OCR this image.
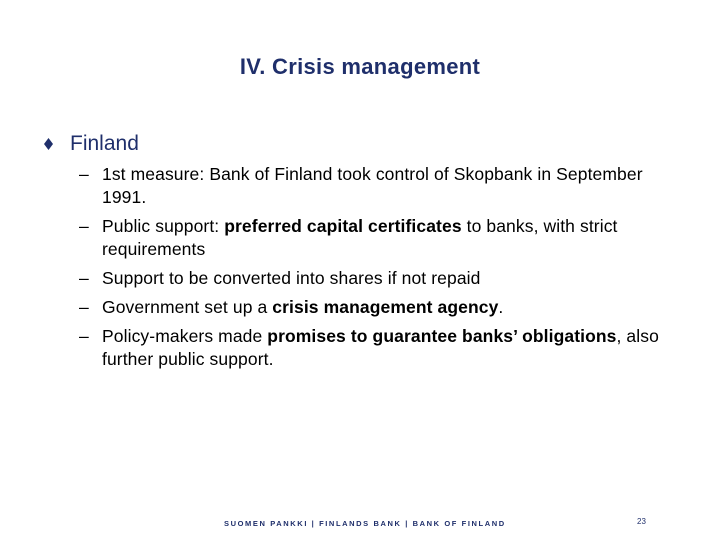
IV. Crisis management
Finland
– 1st measure: Bank of Finland took control of Skopbank in September 1991.
– Public support: preferred capital certificates to banks, with strict requirements
– Support to be converted into shares if not repaid
– Government set up a crisis management agency.
– Policy-makers made promises to guarantee banks’ obligations, also further public support.
SUOMEN PANKKI | FINLANDS BANK | BANK OF FINLAND	23
